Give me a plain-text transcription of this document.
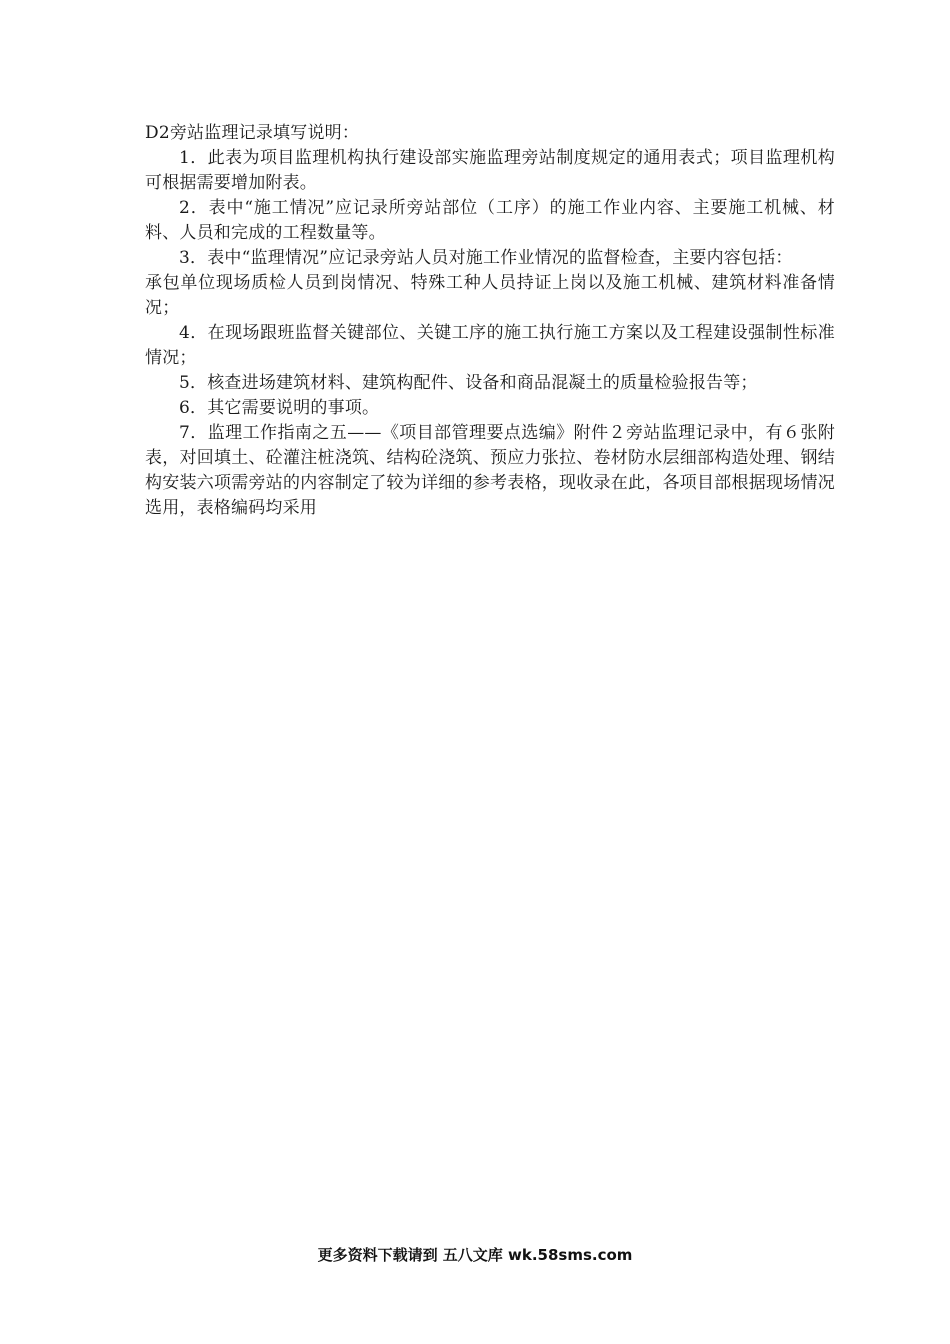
D2旁站监理记录填写说明：

1．此表为项目监理机构执行建设部实施监理旁站制度规定的通用表式；项目监理机构可根据需要增加附表。

2．表中“施工情况”应记录所旁站部位（工序）的施工作业内容、主要施工机械、材料、人员和完成的工程数量等。

3．表中“监理情况”应记录旁站人员对施工作业情况的监督检查，主要内容包括：

承包单位现场质检人员到岗情况、特殊工种人员持证上岗以及施工机械、建筑材料准备情况；

4．在现场跟班监督关键部位、关键工序的施工执行施工方案以及工程建设强制性标准情况；

5．核查进场建筑材料、建筑构配件、设备和商品混凝土的质量检验报告等；

6．其它需要说明的事项。

7．监理工作指南之五——《项目部管理要点选编》附件２旁站监理记录中，有６张附表，对回填土、砼灌注桩浇筑、结构砼浇筑、预应力张拉、卷材防水层细部构造处理、钢结构安装六项需旁站的内容制定了较为详细的参考表格，现收录在此，各项目部根据现场情况选用，表格编码均采用

更多资料下载请到 五八文库 wk.58sms.com
